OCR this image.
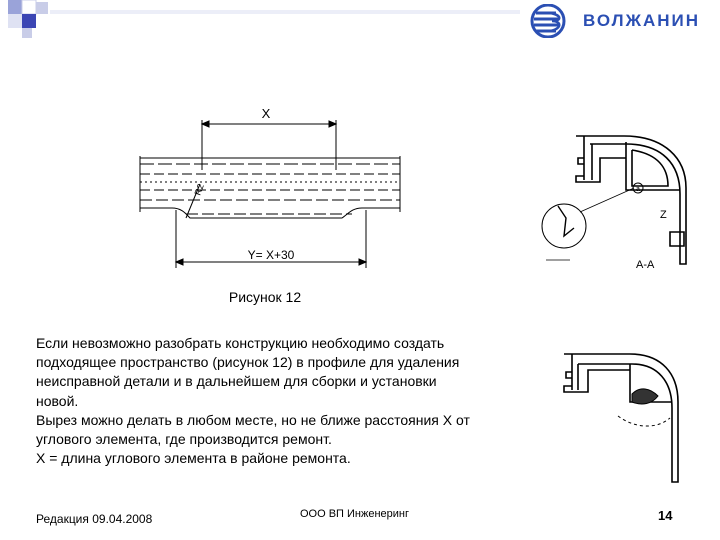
ВОЛЖАНИН
X
Y= X+30
R2
Z
a
A-A
Рисунок 12

Если невозможно разобрать конструкцию необходимо создать

подходящее пространство (рисунок 12) в профиле для удаления

неисправной детали и в дальнейшем для сборки и установки

новой.

Вырез можно делать в любом месте, но не ближе расстояния Х от

углового элемента, где производится ремонт.

Х = длина углового элемента в районе ремонта.

Редакция 09.04.2008	ООО ВП Инженеринг	14
